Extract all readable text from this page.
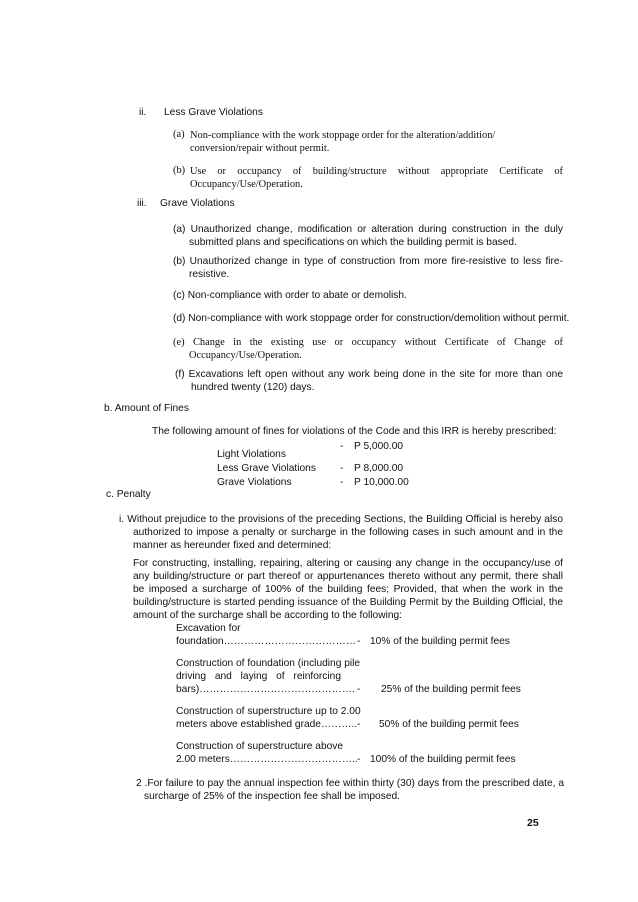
ii. Less Grave Violations
(a) Non-compliance with the work stoppage order for the alteration/addition/ conversion/repair without permit.

(b) Use or occupancy of building/structure without appropriate Certificate of Occupancy/Use/Operation.

iii. Grave Violations

(a) Unauthorized change, modification or alteration during construction in the duly submitted plans and specifications on which the building permit is based.

(b) Unauthorized change in type of construction from more fire-resistive to less fire-resistive.

(c) Non-compliance with order to abate or demolish.

(d) Non-compliance with work stoppage order for construction/demolition without permit.

(e) Change in the existing use or occupancy without Certificate of Change of Occupancy/Use/Operation.

(f) Excavations left open without any work being done in the site for more than one hundred twenty (120) days.

b. Amount of Fines
The following amount of fines for violations of the Code and this IRR is hereby prescribed:
Light Violations
- P 5,000.00
Less Grave Violations - P 8,000.00
Grave Violations	- P 10,000.00
c. Penalty

i. Without prejudice to the provisions of the preceding Sections, the Building Official is hereby also authorized to impose a penalty or surcharge in the following cases in such amount and in the manner as hereunder fixed and determined:

For constructing, installing, repairing, altering or causing any change in the occupancy/use of any building/structure or part thereof or appurtenances thereto without any permit, there shall be imposed a surcharge of 100% of the building fees; Provided, that when the work in the building/structure is started pending issuance of the Building Permit by the Building Official, the amount of the surcharge shall be according to the following:

Excavation for
foundation………………………………… - 10% of the building permit fees
Construction of foundation (including pile
driving and laying of reinforcing
bars)………………………………………. - 25% of the building permit fees
Construction of superstructure up to 2.00
meters above established grade……….. - 50% of the building permit fees
Construction of superstructure above
2.00 meters……………………………….. - 100% of the building permit fees

2 .For failure to pay the annual inspection fee within thirty (30) days from the prescribed date, a surcharge of 25% of the inspection fee shall be imposed.

25
